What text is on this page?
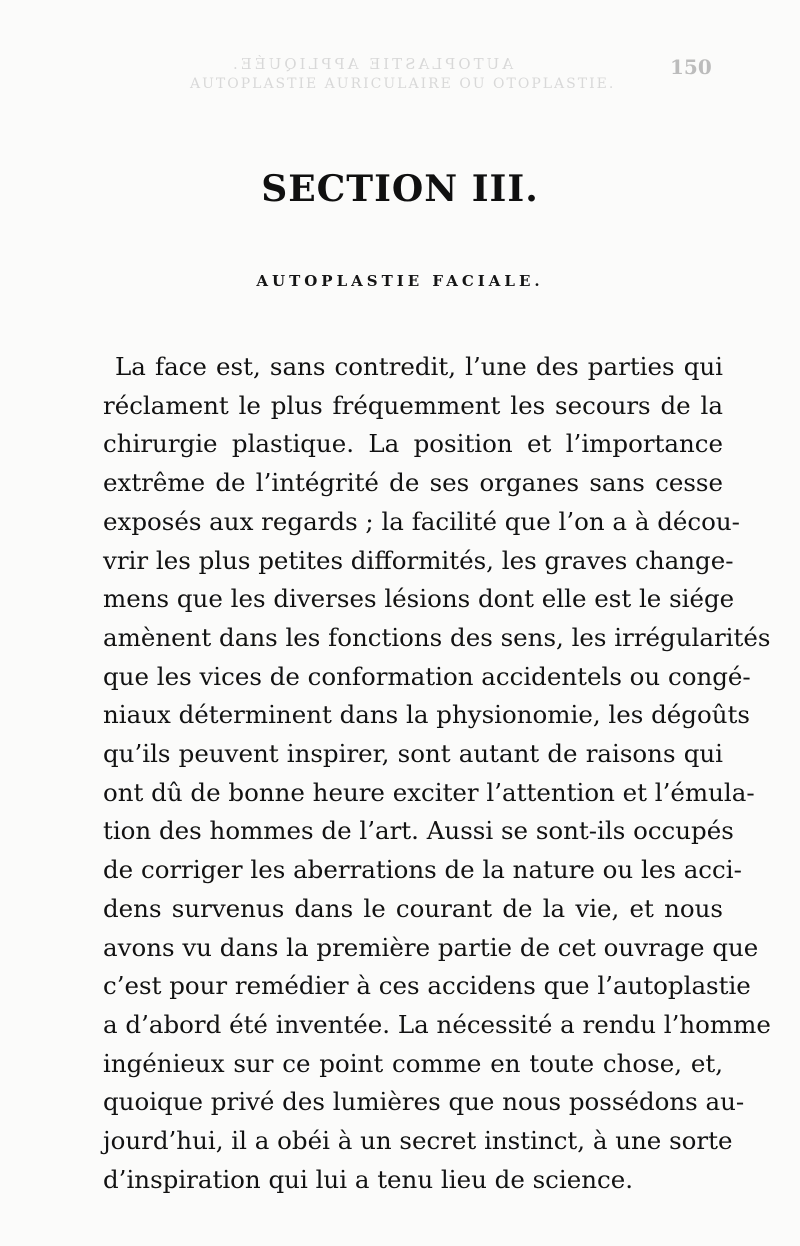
AUTOPLASTIE APPLIQUÉE.
AUTOPLASTIE AURICULAIRE OU OTOPLASTIE.
150
SECTION III.
AUTOPLASTIE FACIALE.
La face est, sans contredit, l’une des parties qui
réclament le plus fréquemment les secours de la
chirurgie plastique. La position et l’importance
extrême de l’intégrité de ses organes sans cesse
exposés aux regards ; la facilité que l’on a à décou-
vrir les plus petites difformités, les graves change-
mens que les diverses lésions dont elle est le siége
amènent dans les fonctions des sens, les irrégularités
que les vices de conformation accidentels ou congé-
niaux déterminent dans la physionomie, les dégoûts
qu’ils peuvent inspirer, sont autant de raisons qui
ont dû de bonne heure exciter l’attention et l’émula-
tion des hommes de l’art. Aussi se sont-ils occupés
de corriger les aberrations de la nature ou les acci-
dens survenus dans le courant de la vie, et nous
avons vu dans la première partie de cet ouvrage que
c’est pour remédier à ces accidens que l’autoplastie
a d’abord été inventée. La nécessité a rendu l’homme
ingénieux sur ce point comme en toute chose, et,
quoique privé des lumières que nous possédons au-
jourd’hui, il a obéi à un secret instinct, à une sorte
d’inspiration qui lui a tenu lieu de science.
